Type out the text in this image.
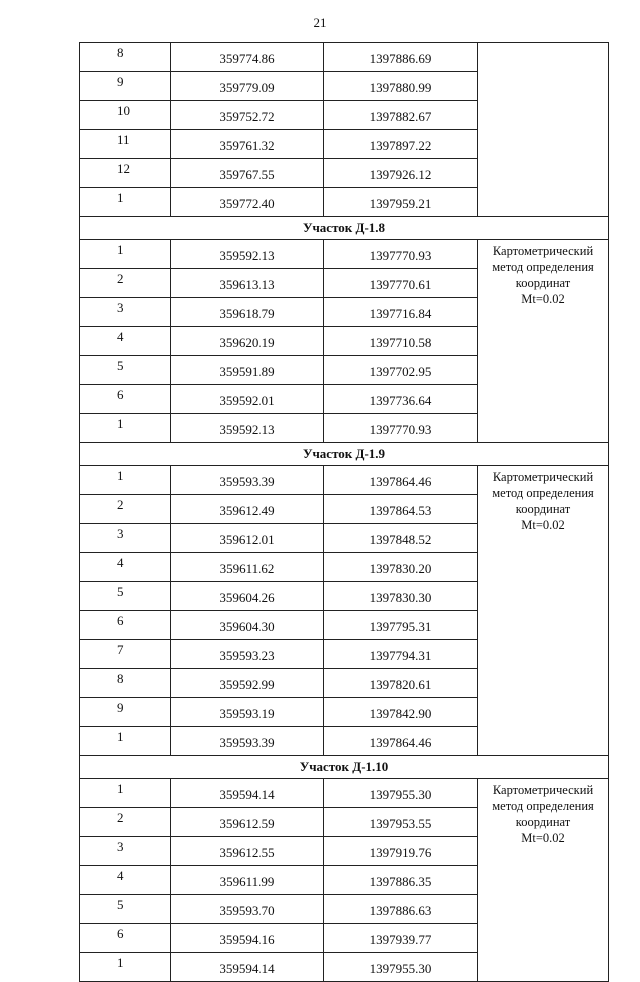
21
8	359774.86	1397886.69	
9	359779.09	1397880.99	
10	359752.72	1397882.67	
11	359761.32	1397897.22	
12	359767.55	1397926.12	
1	359772.40	1397959.21	
Участок Д-1.8			
1	359592.13	1397770.93	Картометрический
метод определения
координат
Mt=0.02

2	359613.13	1397770.61	
3	359618.79	1397716.84	
4	359620.19	1397710.58	
5	359591.89	1397702.95	
6	359592.01	1397736.64	
1	359592.13	1397770.93	
Участок Д-1.9			
1	359593.39	1397864.46	Картометрический
метод определения
координат
Mt=0.02

2	359612.49	1397864.53	
3	359612.01	1397848.52	
4	359611.62	1397830.20	
5	359604.26	1397830.30	
6	359604.30	1397795.31	
7	359593.23	1397794.31	
8	359592.99	1397820.61	
9	359593.19	1397842.90	
1	359593.39	1397864.46	
Участок Д-1.10			
1	359594.14	1397955.30	Картометрический
метод определения
координат
Mt=0.02

2	359612.59	1397953.55	
3	359612.55	1397919.76	
4	359611.99	1397886.35	
5	359593.70	1397886.63	
6	359594.16	1397939.77	
1	359594.14	1397955.30	
